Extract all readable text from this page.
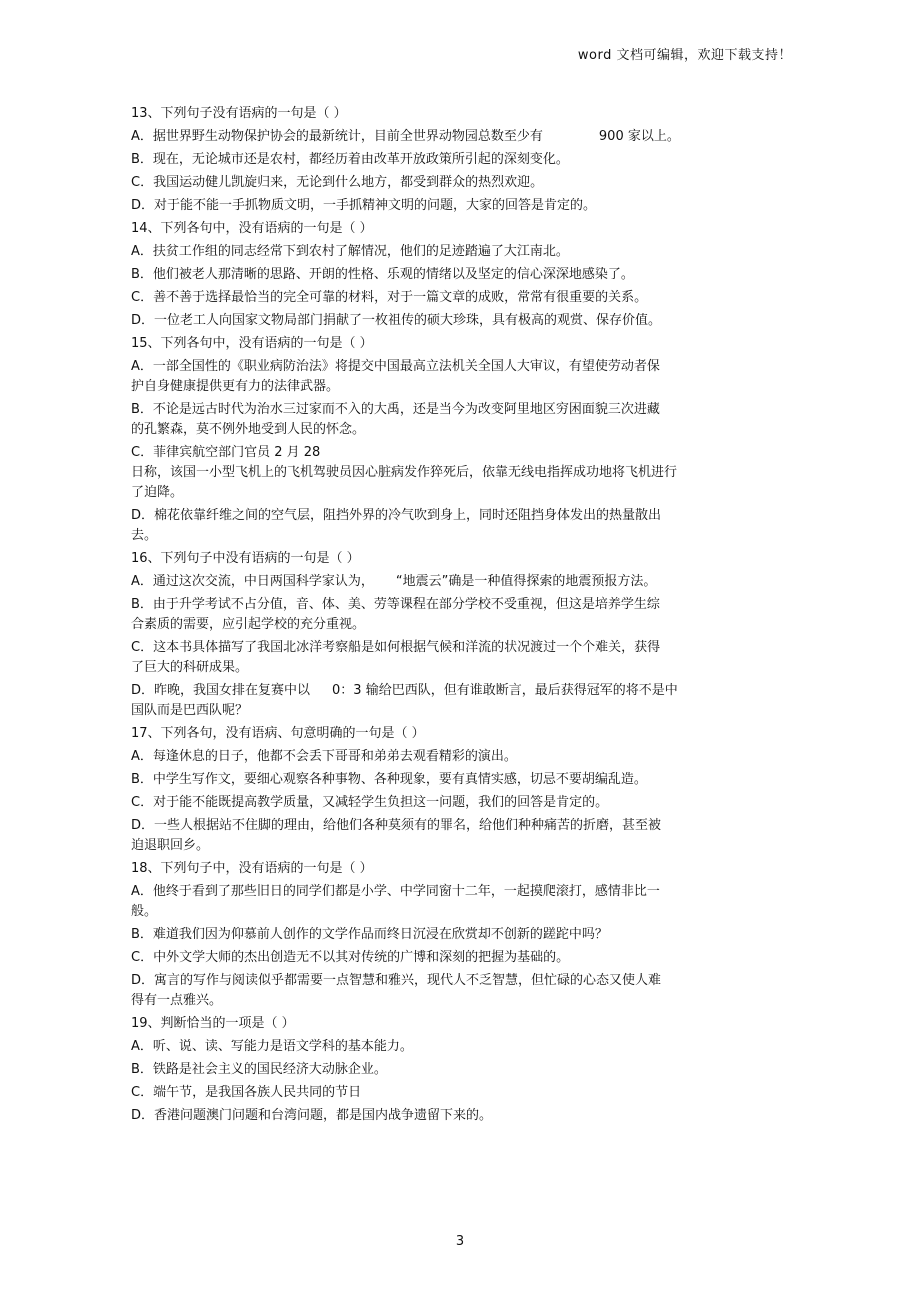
word 文档可编辑，欢迎下载支持！
13、下列句子没有语病的一句是（ ）
A．据世界野生动物保护协会的最新统计，目前全世界动物园总数至少有	900 家以上。
B．现在，无论城市还是农村，都经历着由改革开放政策所引起的深刻变化。
C．我国运动健儿凯旋归来，无论到什么地方，都受到群众的热烈欢迎。
D．对于能不能一手抓物质文明，一手抓精神文明的问题，大家的回答是肯定的。
14、下列各句中，没有语病的一句是（ ）
A．扶贫工作组的同志经常下到农村了解情况，他们的足迹踏遍了大江南北。
B．他们被老人那清晰的思路、开朗的性格、乐观的情绪以及坚定的信心深深地感染了。
C．善不善于选择最恰当的完全可靠的材料，对于一篇文章的成败，常常有很重要的关系。
D．一位老工人向国家文物局部门捐献了一枚祖传的硕大珍珠，具有极高的观赏、保存价值。
15、下列各句中，没有语病的一句是（ ）
A．一部全国性的《职业病防治法》将提交中国最高立法机关全国人大审议，有望使劳动者保
护自身健康提供更有力的法律武器。
B．不论是远古时代为治水三过家而不入的大禹，还是当今为改变阿里地区穷困面貌三次进藏
的孔繁森，莫不例外地受到人民的怀念。
C．菲律宾航空部门官员 2 月 28
日称，该国一小型飞机上的飞机驾驶员因心脏病发作猝死后，依靠无线电指挥成功地将飞机进行
了迫降。
D．棉花依靠纤维之间的空气层，阻挡外界的冷气吹到身上，同时还阻挡身体发出的热量散出
去。
16、下列句子中没有语病的一句是（ ）
A．通过这次交流，中日两国科学家认为， “地震云”确是一种值得探索的地震预报方法。
B．由于升学考试不占分值，音、体、美、劳等课程在部分学校不受重视，但这是培养学生综
合素质的需要，应引起学校的充分重视。
C．这本书具体描写了我国北冰洋考察船是如何根据气候和洋流的状况渡过一个个难关，获得
了巨大的科研成果。
D．昨晚，我国女排在复赛中以 0：3 输给巴西队，但有谁敢断言，最后获得冠军的将不是中
国队而是巴西队呢？
17、下列各句，没有语病、句意明确的一句是（ ）
A．每逢休息的日子，他都不会丢下哥哥和弟弟去观看精彩的演出。
B．中学生写作文，要细心观察各种事物、各种现象，要有真情实感，切忌不要胡编乱造。
C．对于能不能既提高教学质量，又减轻学生负担这一问题，我们的回答是肯定的。
D．一些人根据站不住脚的理由，给他们各种莫须有的罪名，给他们种种痛苦的折磨，甚至被
迫退职回乡。
18、下列句子中，没有语病的一句是（ ）
A．他终于看到了那些旧日的同学们都是小学、中学同窗十二年，一起摸爬滚打，感情非比一
般。
B．难道我们因为仰慕前人创作的文学作品而终日沉浸在欣赏却不创新的蹉跎中吗？
C．中外文学大师的杰出创造无不以其对传统的广博和深刻的把握为基础的。
D．寓言的写作与阅读似乎都需要一点智慧和雅兴，现代人不乏智慧，但忙碌的心态又使人难
得有一点雅兴。
19、判断恰当的一项是（ ）
A．听、说、读、写能力是语文学科的基本能力。
B．铁路是社会主义的国民经济大动脉企业。
C．端午节，是我国各族人民共同的节日
D．香港问题澳门问题和台湾问题，都是国内战争遗留下来的。
3
